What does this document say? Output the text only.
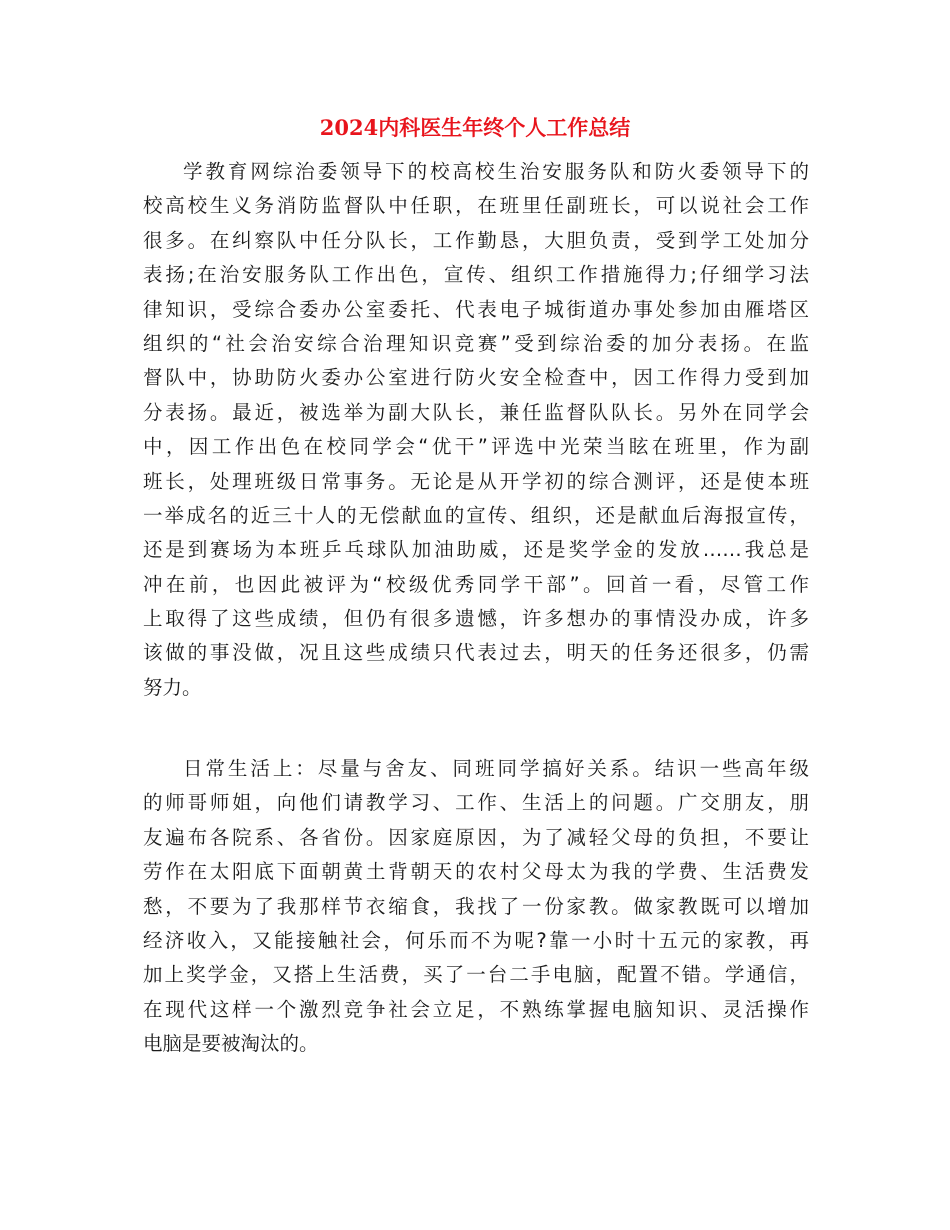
2024内科医生年终个人工作总结
学教育网综治委领导下的校高校生治安服务队和防火委领导下的
校高校生义务消防监督队中任职，在班里任副班长，可以说社会工作
很多。在纠察队中任分队长，工作勤恳，大胆负责，受到学工处加分
表扬;在治安服务队工作出色，宣传、组织工作措施得力;仔细学习法
律知识，受综合委办公室委托、代表电子城街道办事处参加由雁塔区
组织的“社会治安综合治理知识竞赛”受到综治委的加分表扬。在监
督队中，协助防火委办公室进行防火安全检查中，因工作得力受到加
分表扬。最近，被选举为副大队长，兼任监督队队长。另外在同学会
中，因工作出色在校同学会“优干”评选中光荣当眩在班里，作为副
班长，处理班级日常事务。无论是从开学初的综合测评，还是使本班
一举成名的近三十人的无偿献血的宣传、组织，还是献血后海报宣传，
还是到赛场为本班乒乓球队加油助威，还是奖学金的发放……我总是
冲在前，也因此被评为“校级优秀同学干部”。回首一看，尽管工作
上取得了这些成绩，但仍有很多遗憾，许多想办的事情没办成，许多
该做的事没做，况且这些成绩只代表过去，明天的任务还很多，仍需
努力。
日常生活上：尽量与舍友、同班同学搞好关系。结识一些高年级
的师哥师姐，向他们请教学习、工作、生活上的问题。广交朋友，朋
友遍布各院系、各省份。因家庭原因，为了减轻父母的负担，不要让
劳作在太阳底下面朝黄土背朝天的农村父母太为我的学费、生活费发
愁，不要为了我那样节衣缩食，我找了一份家教。做家教既可以增加
经济收入，又能接触社会，何乐而不为呢?靠一小时十五元的家教，再
加上奖学金，又搭上生活费，买了一台二手电脑，配置不错。学通信，
在现代这样一个激烈竞争社会立足，不熟练掌握电脑知识、灵活操作
电脑是要被淘汰的。
